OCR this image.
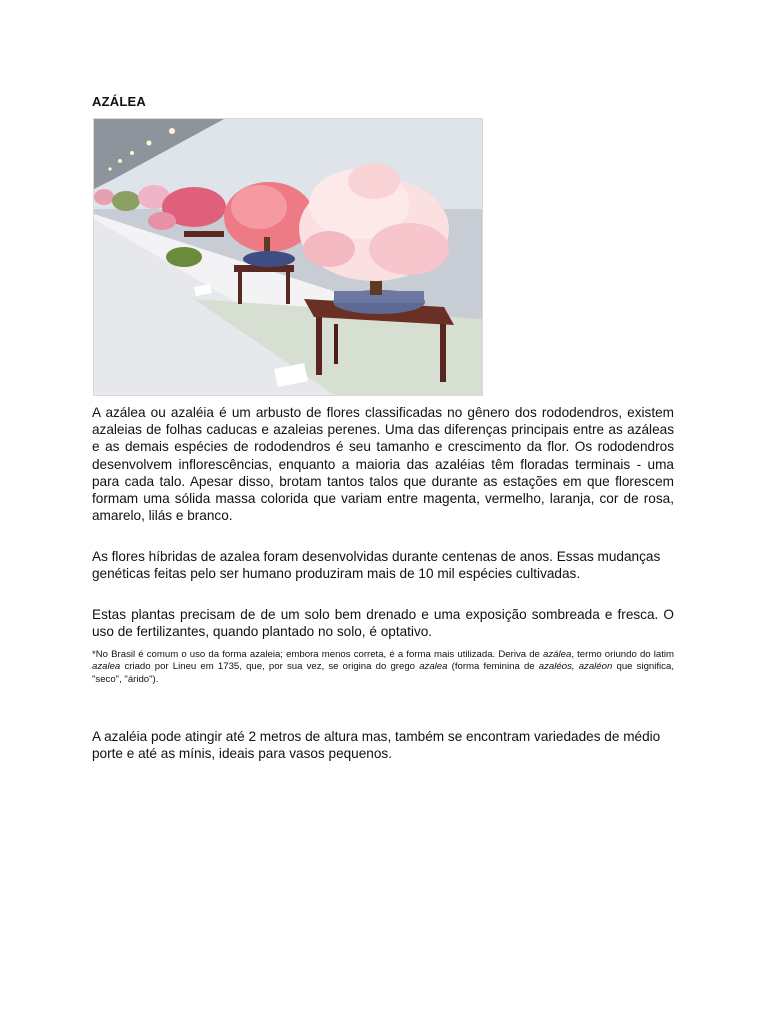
AZÁLEA

A azálea ou azaléia é um arbusto de flores classificadas no gênero dos rododendros, existem azaleias de folhas caducas e azaleias perenes. Uma das diferenças principais entre as azáleas e as demais espécies de rododendros é seu tamanho e crescimento da flor. Os rododendros desenvolvem inflorescências, enquanto a maioria das azaléias têm floradas terminais - uma para cada talo. Apesar disso, brotam tantos talos que durante as estações em que florescem formam uma sólida massa colorida que variam entre magenta, vermelho, laranja, cor de rosa, amarelo, lilás e branco.

As flores híbridas de azalea foram desenvolvidas durante centenas de anos. Essas mudanças genéticas feitas pelo ser humano produziram mais de 10 mil espécies cultivadas.

Estas plantas precisam de de um solo bem drenado e uma exposição sombreada e fresca. O uso de fertilizantes, quando plantado no solo, é optativo.

*No Brasil é comum o uso da forma azaleia; embora menos correta, é a forma mais utilizada. Deriva de azálea, termo oriundo do latim azalea criado por Lineu em 1735, que, por sua vez, se origina do grego azalea (forma feminina de azaléos, azaléon que significa, "seco", "árido").

A azaléia pode atingir até 2 metros de altura mas, também se encontram variedades de médio porte e até as mínis, ideais para vasos pequenos.
